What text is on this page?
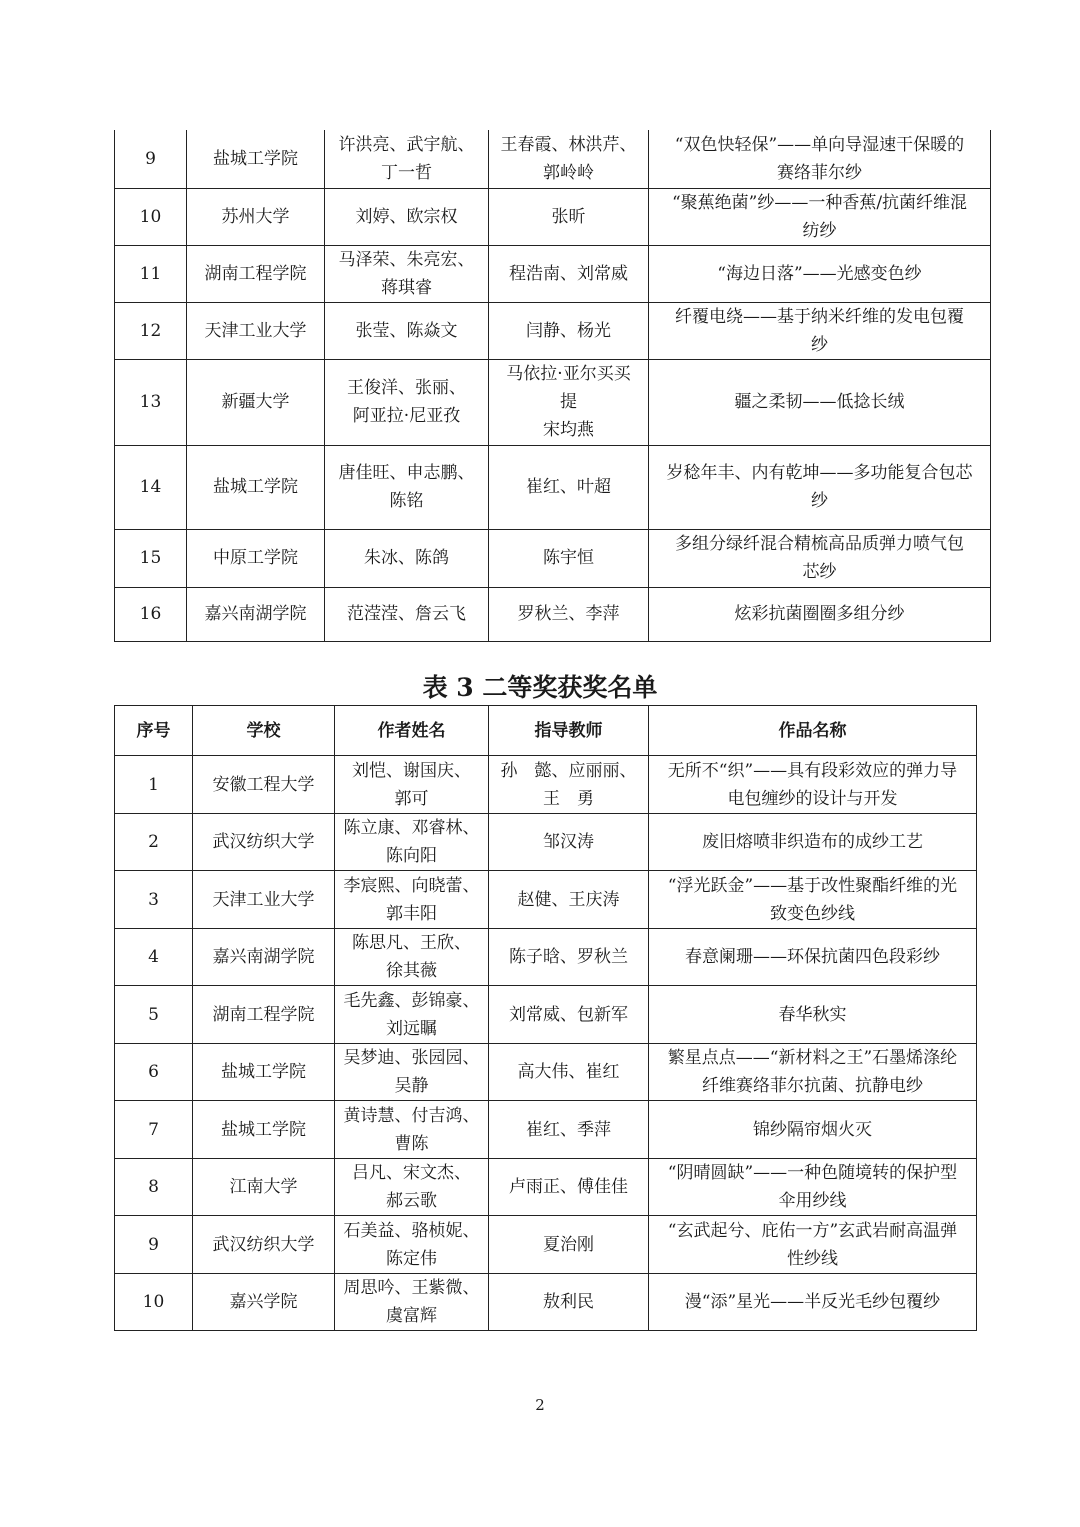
9	盐城工学院	许洪亮、武宇航、
丁一哲	王春霞、林洪芹、
郭岭岭	“双色快轻保”——单向导湿速干保暖的
赛络菲尔纱

10	苏州大学	刘婷、欧宗权	张昕	“聚蕉绝菌”纱——一种香蕉/抗菌纤维混
纺纱

11	湖南工程学院	马泽荣、朱亮宏、
蒋琪睿	程浩南、刘常威	“海边日落”——光感变色纱

12	天津工业大学	张莹、陈焱文	闫静、杨光	纤覆电绕——基于纳米纤维的发电包覆
纱

13	新疆大学	王俊洋、张丽、
阿亚拉·尼亚孜	马依拉·亚尔买买
提
宋均燕	疆之柔韧——低捻长绒

14	盐城工学院	唐佳旺、申志鹏、
陈铭	崔红、叶超	岁稔年丰、内有乾坤——多功能复合包芯
纱

15	中原工学院	朱冰、陈鸽	陈宇恒	多组分绿纤混合精梳高品质弹力喷气包
芯纱

16	嘉兴南湖学院	范滢滢、詹云飞	罗秋兰、李萍	炫彩抗菌圈圈多组分纱
表 3 二等奖获奖名单
序号	学校	作者姓名	指导教师	作品名称

1	安徽工程大学	刘恺、谢国庆、
郭可	孙　懿、应丽丽、
王　勇	无所不“织”——具有段彩效应的弹力导
电包缠纱的设计与开发

2	武汉纺织大学	陈立康、邓睿林、
陈向阳	邹汉涛	废旧熔喷非织造布的成纱工艺

3	天津工业大学	李宸熙、向晓蕾、
郭丰阳	赵健、王庆涛	“浮光跃金”——基于改性聚酯纤维的光
致变色纱线

4	嘉兴南湖学院	陈思凡、王欣、
徐其薇	陈子晗、罗秋兰	春意阑珊——环保抗菌四色段彩纱

5	湖南工程学院	毛先鑫、彭锦豪、
刘远瞩	刘常威、包新军	春华秋实

6	盐城工学院	吴梦迪、张园园、
吴静	高大伟、崔红	繁星点点——“新材料之王”石墨烯涤纶
纤维赛络菲尔抗菌、抗静电纱

7	盐城工学院	黄诗慧、付吉鸿、
曹陈	崔红、季萍	锦纱隔帘烟火灭

8	江南大学	吕凡、宋文杰、
郝云歌	卢雨正、傅佳佳	“阴晴圆缺”——一种色随境转的保护型
伞用纱线

9	武汉纺织大学	石美益、骆桢妮、
陈定伟	夏治刚	“玄武起兮、庇佑一方”玄武岩耐高温弹
性纱线

10	嘉兴学院	周思吟、王紫微、
虞富辉	敖利民	漫“添”星光——半反光毛纱包覆纱
2
